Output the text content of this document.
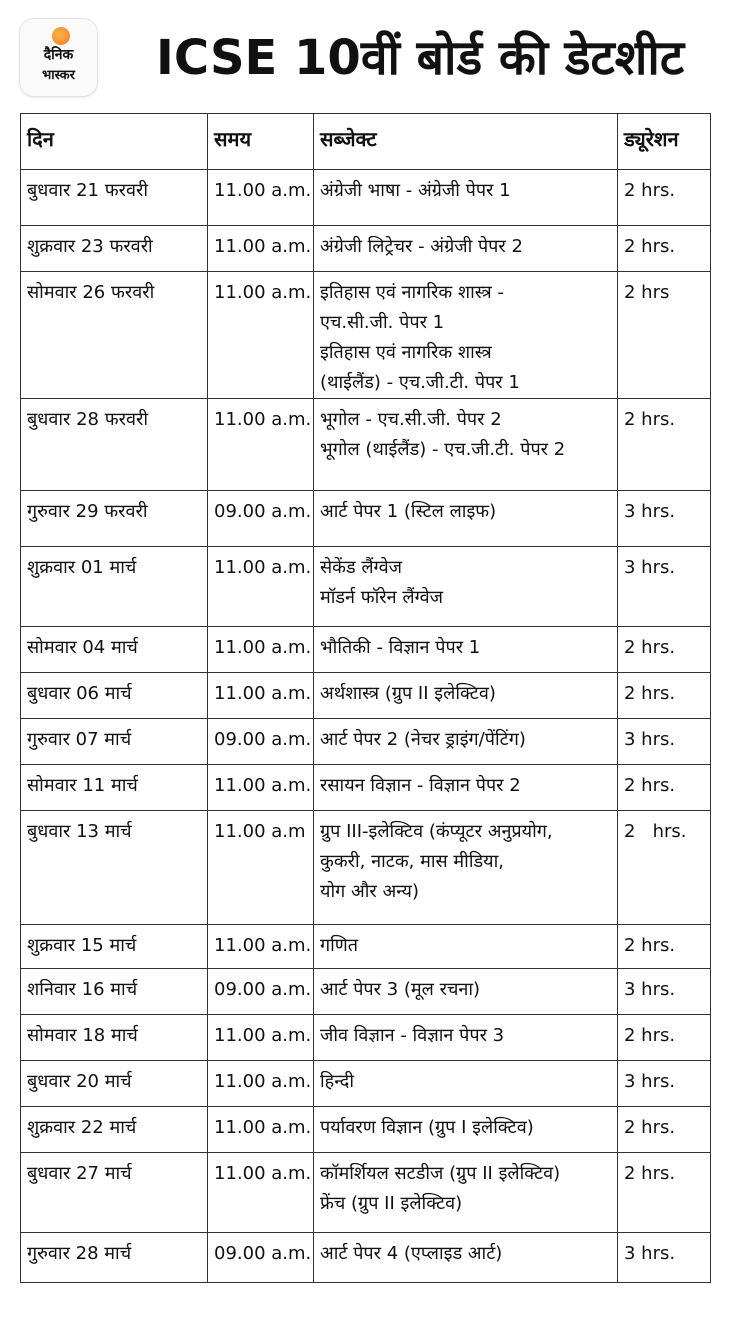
दैनिक
भास्कर	ICSE 10वीं बोर्ड की डेटशीट
दिन	समय	सब्जेक्ट	ड्यूरेशन
बुधवार 21 फरवरी	11.00 a.m.	अंग्रेजी भाषा - अंग्रेजी पेपर 1	2 hrs.
शुक्रवार 23 फरवरी	11.00 a.m.	अंग्रेजी लिट्रेचर - अंग्रेजी पेपर 2	2 hrs.
सोमवार 26 फरवरी	11.00 a.m.	इतिहास एवं नागरिक शास्त्र -
एच.सी.जी. पेपर 1
इतिहास एवं नागरिक शास्त्र
(थाईलैंड) - एच.जी.टी. पेपर 1	2 hrs
बुधवार 28 फरवरी	11.00 a.m.	भूगोल - एच.सी.जी. पेपर 2
भूगोल (थाईलैंड) - एच.जी.टी. पेपर 2	2 hrs.
गुरुवार 29 फरवरी	09.00 a.m.	आर्ट पेपर 1 (स्टिल लाइफ)	3 hrs.
शुक्रवार 01 मार्च	11.00 a.m.	सेकेंड लैंग्वेज
मॉडर्न फॉरेन लैंग्वेज	3 hrs.
सोमवार 04 मार्च	11.00 a.m.	भौतिकी - विज्ञान पेपर 1	2 hrs.
बुधवार 06 मार्च	11.00 a.m.	अर्थशास्त्र (ग्रुप II इलेक्टिव)	2 hrs.
गुरुवार 07 मार्च	09.00 a.m.	आर्ट पेपर 2 (नेचर ड्राइंग/पेंटिंग)	3 hrs.
सोमवार 11 मार्च	11.00 a.m.	रसायन विज्ञान - विज्ञान पेपर 2	2 hrs.
बुधवार 13 मार्च	11.00 a.m	ग्रुप III-इलेक्टिव (कंप्यूटर अनुप्रयोग,
कुकरी, नाटक, मास मीडिया,
योग और अन्य)	2   hrs.
शुक्रवार 15 मार्च	11.00 a.m.	गणित	2 hrs.
शनिवार 16 मार्च	09.00 a.m.	आर्ट पेपर 3 (मूल रचना)	3 hrs.
सोमवार 18 मार्च	11.00 a.m.	जीव विज्ञान - विज्ञान पेपर 3	2 hrs.
बुधवार 20 मार्च	11.00 a.m.	हिन्दी	3 hrs.
शुक्रवार 22 मार्च	11.00 a.m.	पर्यावरण विज्ञान (ग्रुप I इलेक्टिव)	2 hrs.
बुधवार 27 मार्च	11.00 a.m.	कॉमर्शियल सटडीज (ग्रुप II इलेक्टिव)
फ्रेंच (ग्रुप II इलेक्टिव)	2 hrs.
गुरुवार 28 मार्च	09.00 a.m.	आर्ट पेपर 4 (एप्लाइड आर्ट)	3 hrs.
